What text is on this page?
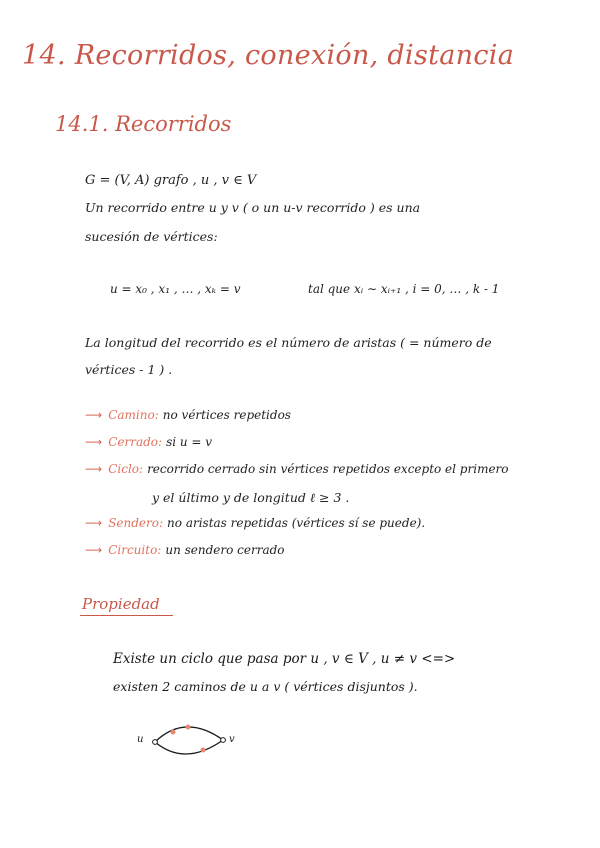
14. Recorridos, conexión, distancia
14.1. Recorridos
G = (V, A) grafo , u , v ∈ V
Un recorrido entre u y v ( o un u-v recorrido ) es una
sucesión de vértices:
u = x₀ , x₁ , … , xₖ = v	tal que xᵢ ∼ xᵢ₊₁ , i = 0, … , k - 1
La longitud del recorrido es el número de aristas ( = número de
vértices - 1 ) .
⟶ Camino: no vértices repetidos
⟶ Cerrado: si u = v
⟶ Ciclo: recorrido cerrado sin vértices repetidos excepto el primero
y el último y de longitud ℓ ≥ 3 .
⟶ Sendero: no aristas repetidas (vértices sí se puede).
⟶ Circuito: un sendero cerrado
Propiedad
Existe un ciclo que pasa por u , v ∈ V , u ≠ v <=>
existen 2 caminos de u a v ( vértices disjuntos ).
u	v
